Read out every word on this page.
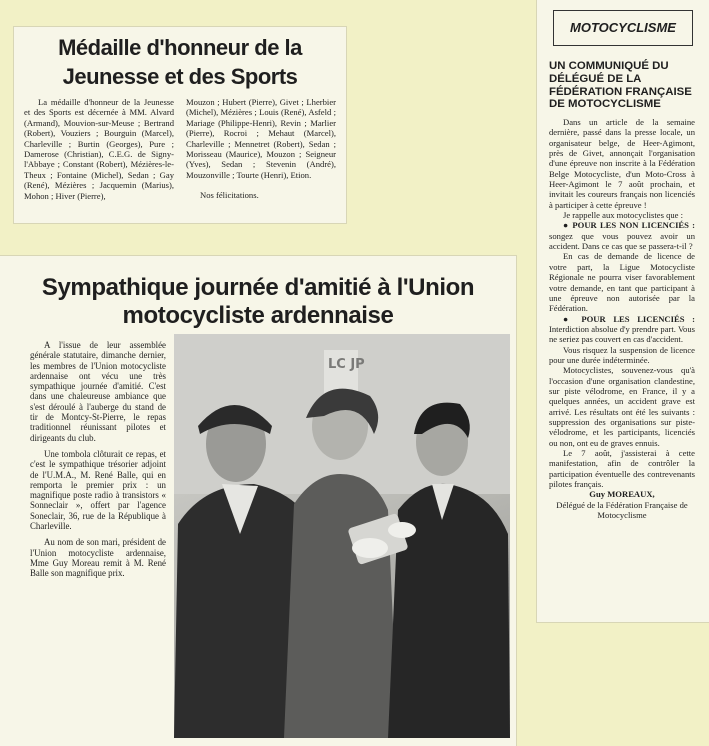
Médaille d'honneur de la Jeunesse et des Sports
La médaille d'honneur de la Jeunesse et des Sports est décernée à MM. Alvard (Armand), Mouvion-sur-Meuse ; Bertrand (Robert), Vouziers ; Bourguin (Marcel), Charleville ; Burtin (Georges), Pure ; Damerose (Christian), C.E.G. de Signy-l'Abbaye ; Constant (Robert), Mézières-le-Theux ; Fontaine (Michel), Sedan ; Gay (René), Mézières ; Jacquemin (Marius), Mohon ; Hiver (Pierre),
Mouzon ; Hubert (Pierre), Givet ; Lherbier (Michel), Mézières ; Louis (René), Asfeld ; Mariage (Philippe-Henri), Revin ; Marlier (Pierre), Rocroi ; Mehaut (Marcel), Charleville ; Mennetret (Robert), Sedan ; Morisseau (Maurice), Mouzon ; Seigneur (Yves), Sedan ; Stevenin (André), Mouzonville ; Tourte (Henri), Etion.
Nos félicitations.
Sympathique journée d'amitié à l'Union motocycliste ardennaise
A l'issue de leur assemblée générale statutaire, dimanche dernier, les membres de l'Union motocycliste ardennaise ont vécu une très sympathique journée d'amitié. C'est dans une chaleureuse ambiance que s'est déroulé à l'auberge du stand de tir de Montcy-St-Pierre, le repas traditionnel réunissant pilotes et dirigeants du club.
Une tombola clôturait ce repas, et c'est le sympathique trésorier adjoint de l'U.M.A., M. René Balle, qui en remporta le premier prix : un magnifique poste radio à transistors « Sonneclair », offert par l'agence Soneclair, 36, rue de la République à Charleville.
Au nom de son mari, président de l'Union motocycliste ardennaise, Mme Guy Moreau remit à M. René Balle son magnifique prix.
LC JP
MOTOCYCLISME
UN COMMUNIQUÉ DU DÉLÉGUÉ DE LA FÉDÉRATION FRANÇAISE DE MOTOCYCLISME
Dans un article de la semaine dernière, passé dans la presse locale, un organisateur belge, de Heer-Agimont, près de Givet, annonçait l'organisation d'une épreuve non inscrite à la Fédération Belge Motocycliste, d'un Moto-Cross à Heer-Agimont le 7 août prochain, et invitait les coureurs français non licenciés à participer à cette épreuve !
Je rappelle aux motocyclistes que :
● POUR LES NON LICENCIÉS : songez que vous pouvez avoir un accident. Dans ce cas que se passera-t-il ?
En cas de demande de licence de votre part, la Ligue Motocycliste Régionale ne pourra viser favorablement votre demande, en tant que participant à une épreuve non autorisée par la Fédération.
● POUR LES LICENCIÉS : Interdiction absolue d'y prendre part. Vous ne seriez pas couvert en cas d'accident.
Vous risquez la suspension de licence pour une durée indéterminée.
Motocyclistes, souvenez-vous qu'à l'occasion d'une organisation clandestine, sur piste vélodrome, en France, il y a quelques années, un accident grave est arrivé. Les résultats ont été les suivants : suppression des organisations sur piste-vélodrome, et les participants, licenciés ou non, ont eu de graves ennuis.
Le 7 août, j'assisterai à cette manifestation, afin de contrôler la participation éventuelle des contrevenants pilotes français.
Guy MOREAUX,
Délégué de la Fédération Française de Motocyclisme
